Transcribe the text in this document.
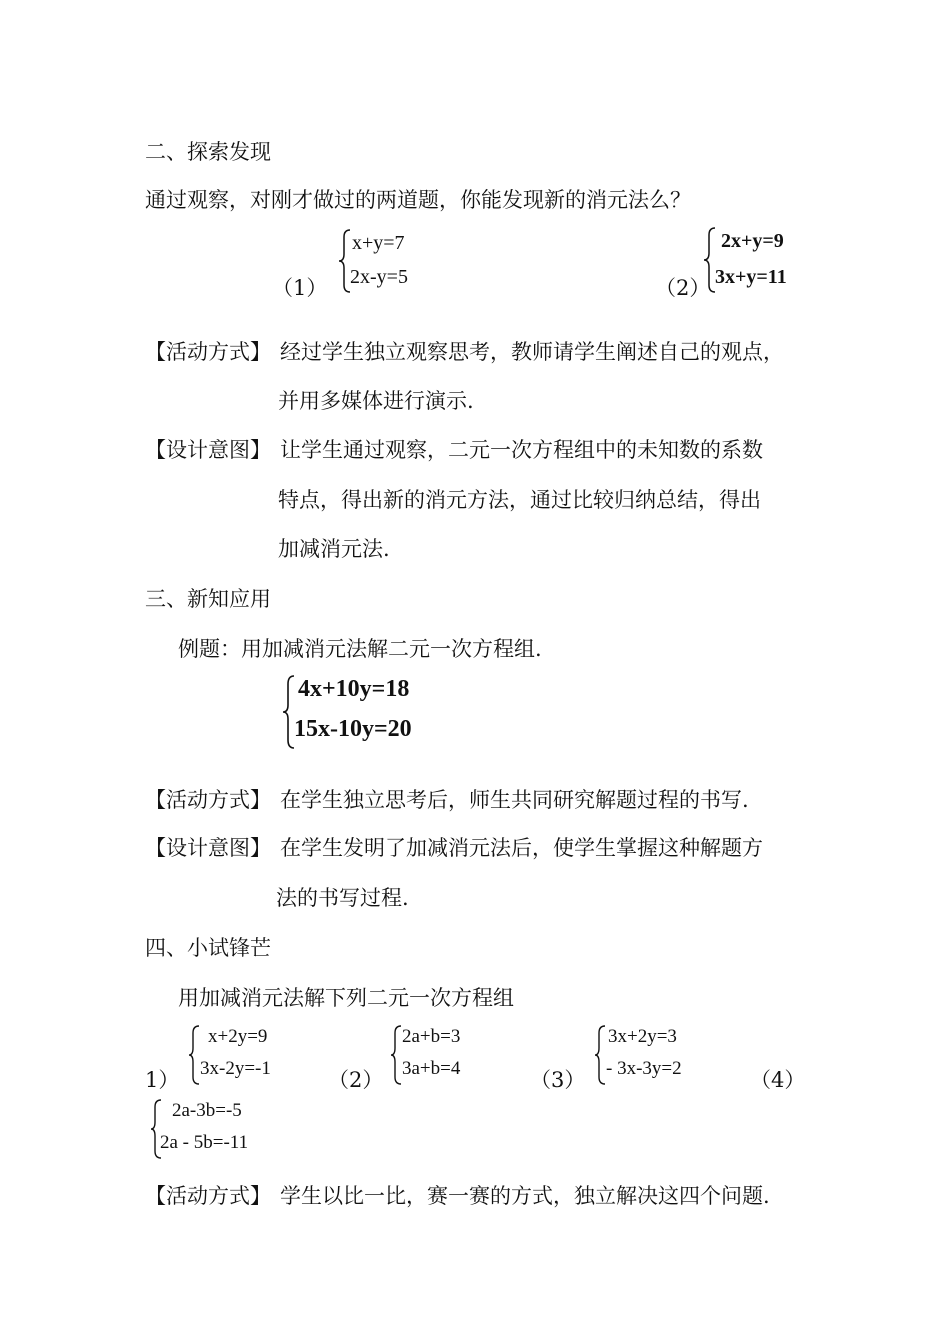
二、探索发现
通过观察，对刚才做过的两道题，你能发现新的消元法么？
（1）
x+y=7
2x-y=5	（2）
2x+y=9
3x+y=11
【活动方式】 经过学生独立观察思考，教师请学生阐述自己的观点，
并用多媒体进行演示.
【设计意图】 让学生通过观察，二元一次方程组中的未知数的系数
特点，得出新的消元方法，通过比较归纳总结，得出
加减消元法.
三、新知应用
例题：用加减消元法解二元一次方程组.
4x+10y=18
15x-10y=20
【活动方式】 在学生独立思考后，师生共同研究解题过程的书写.
【设计意图】 在学生发明了加减消元法后，使学生掌握这种解题方
法的书写过程.
四、小试锋芒
用加减消元法解下列二元一次方程组
1）
x+2y=9
3x-2y=-1	（2）
2a+b=3
3a+b=4	（3）
3x+2y=3
- 3x-3y=2	（4）
2a-3b=-5
2a - 5b=-11
【活动方式】 学生以比一比，赛一赛的方式，独立解决这四个问题.
